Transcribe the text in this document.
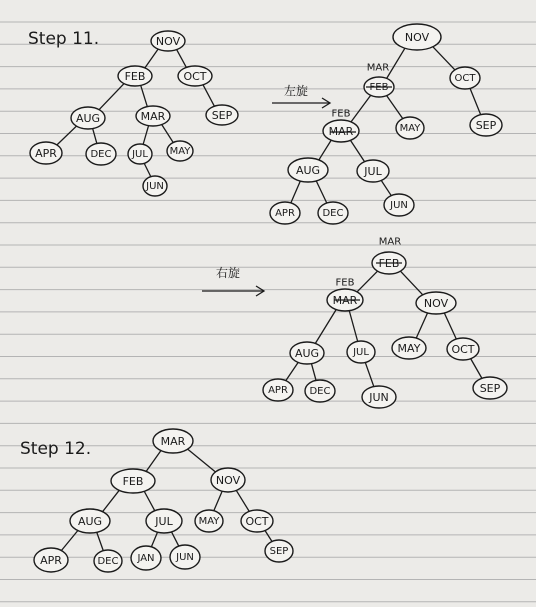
Step 11.
Step 12.
左旋
右旋
NOV
FEB	OCT
AUG	MAR	SEP
APR	DEC JUL MAY
JUN
NOV
FEB
OCT
MAR	MAY	SEP
AUG	JUL
APR	DEC
JUN
FEB
MAR	NOV
AUG	JUL	MAY	OCT
APR DEC	JUN
SEP
MAR
FEB	NOV
AUG	JUL	MAY OCT
APR	DEC JAN JUN
SEP
MAR
FEB
MAR
FEB
